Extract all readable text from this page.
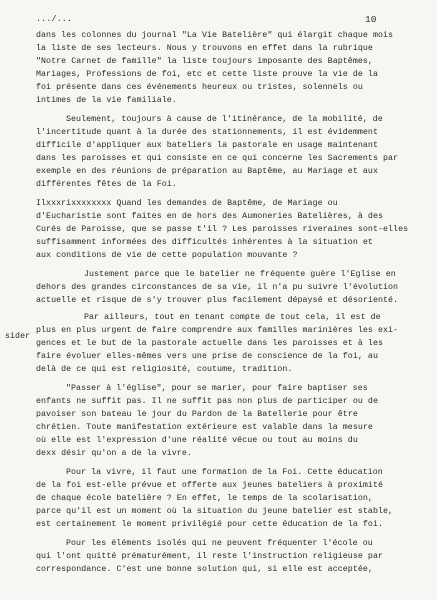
.../...	10
sider
dans les colonnes du journal "La Vie Batelière" qui élargit chaque mois
la liste de ses lecteurs. Nous y trouvons en effet dans la rubrique
"Notre Carnet de famille" la liste toujours imposante des Baptêmes,
Mariages, Professions de foi, etc et cette liste prouve la vie de la
foi présente dans ces événements heureux ou tristes, solennels ou
intimes de la vie familiale.
Seulement, toujours à cause de l'itinérance, de la mobilité, de
l'incertitude quant à la durée des stationnements, il est évidemment
difficile d'appliquer aux bateliers la pastorale en usage maintenant
dans les paroisses et qui consiste en ce qui concerne les Sacrements par
exemple en des réunions de préparation au Baptême, au Mariage et aux
différentes fêtes de la Foi.
Ilxxxrixxxxxxxx Quand les demandes de Baptême, de Mariage ou
d'Eucharistie sont faites en de hors des Aumoneries Batelières, à des
Curés de Paroisse, que se passe t'il ? Les paroisses riveraines sont-elles
suffisamment informées des difficultés inhérentes à la situation et
aux conditions de vie de cette population mouvante ?
Justement parce que le batelier ne fréquente guère l'Eglise en
dehors des grandes circonstances de sa vie, il n'a pu suivre l'évolution
actuelle et risque de s'y trouver plus facilement dépaysé et désorienté.
Par ailleurs, tout en tenant compte de tout cela, il est de
plus en plus urgent de faire comprendre aux familles marinières les exi-
gences et le but de la pastorale actuelle dans les paroisses et à les
faire évoluer elles-mêmes vers une prise de conscience de la foi, au
delà de ce qui est religiosité, coutume, tradition.
"Passer à l'église", pour se marier, pour faire baptiser ses
enfants ne suffit pas. Il ne suffit pas non plus de participer ou de
pavoiser son bateau le jour du Pardon de la Batellerie pour être
chrétien. Toute manifestation extérieure est valable dans la mesure
où elle est l'expression d'une réalité vécue ou tout au moins du
dexx désir qu'on a de la vivre.
Pour la vivre, il faut une formation de la Foi. Cette éducation
de la foi est-elle prévue et offerte aux jeunes bateliers à proximité
de chaque école batelière ? En effet, le temps de la scolarisation,
parce qu'il est un moment où la situation du jeune batelier est stable,
est certainement le moment privilégié pour cette éducation de la foi.
Pour les éléments isolés qui ne peuvent fréquenter l'école ou
qui l'ont quitté prématurément, il reste l'instruction religieuse par
correspondance. C'est une bonne solution qui, si elle est acceptée,
